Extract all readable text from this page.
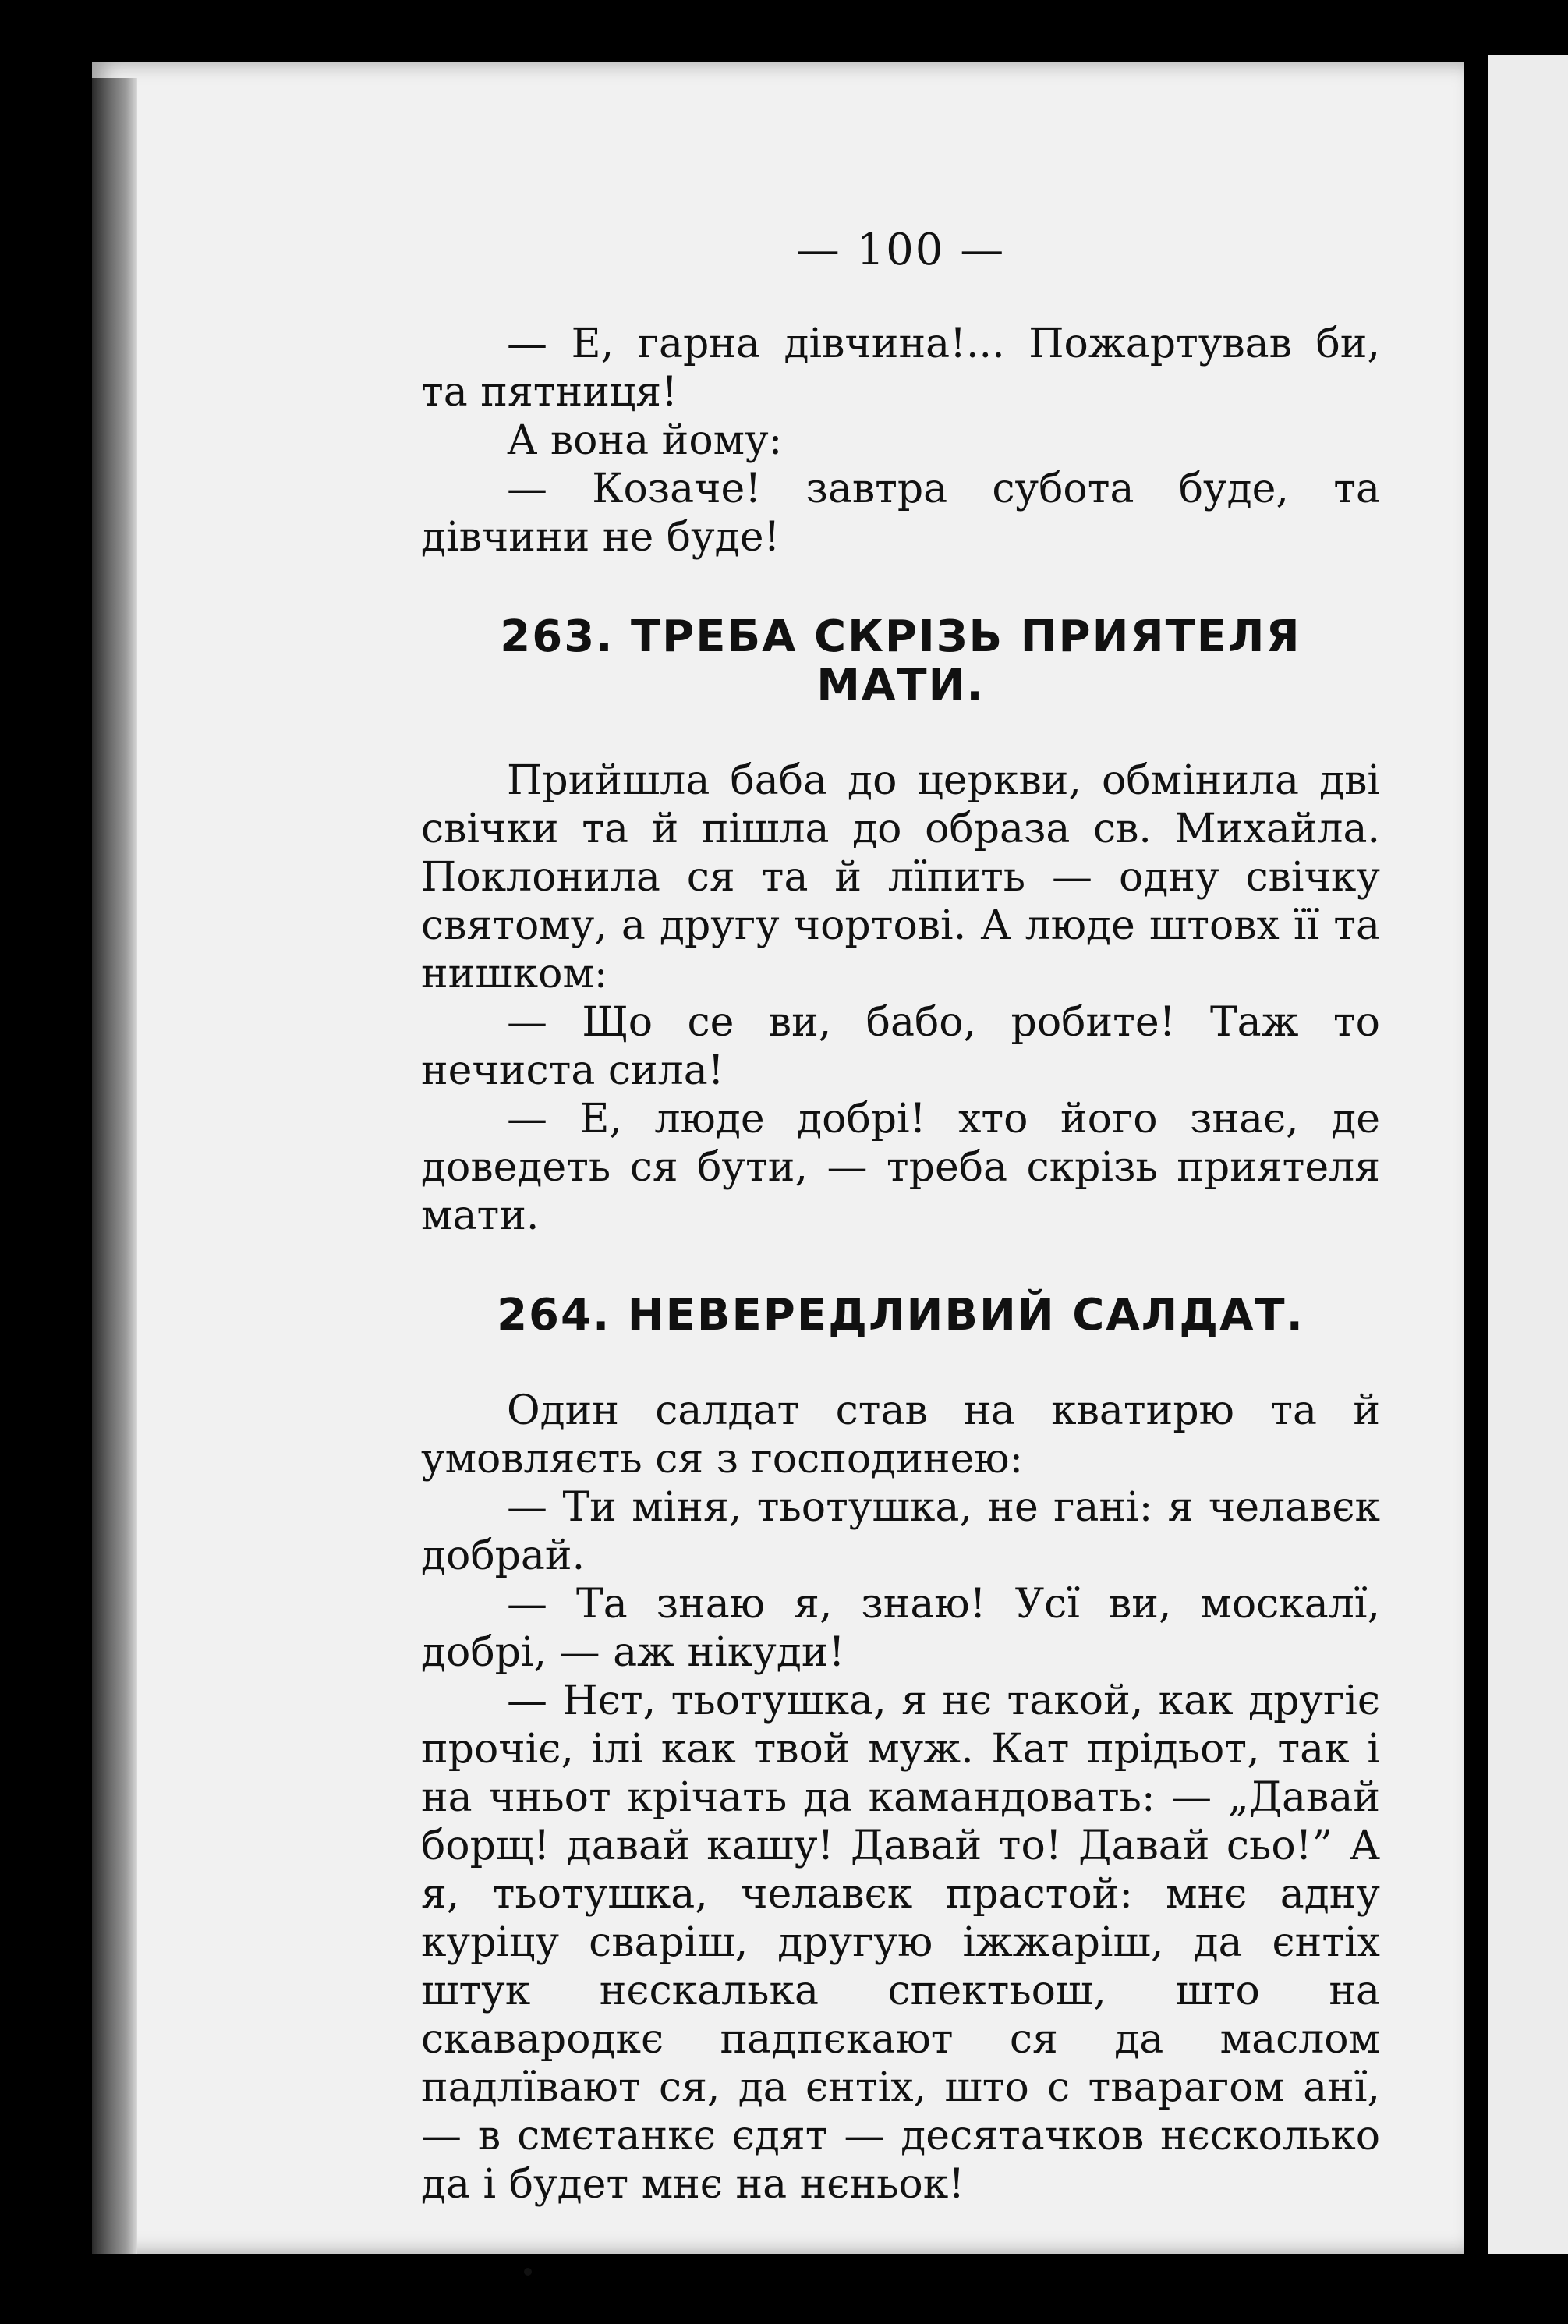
— 100 —

— Е, гарна дівчина!... Пожартував би, та пятниця!

А вона йому:

— Козаче! завтра субота буде, та дівчини не буде!

263. ТРЕБА СКРІЗЬ ПРИЯТЕЛЯ МАТИ.

Прийшла баба до церкви, обмінила дві свічки та й пішла до образа св. Михайла. Поклонила ся та й лїпить — одну свічку святому, а другу чортові. А люде штовх її та нишком:

— Що се ви, бабо, робите! Таж то нечиста сила!

— Е, люде добрі! хто його знає, де доведеть ся бути, — треба скрізь приятеля мати.

264. НЕВЕРЕДЛИВИЙ САЛДАТ.

Один салдат став на кватирю та й умовляєть ся з господинею:

— Ти міня, тьотушка, не гані: я челавєк добрай.

— Та знаю я, знаю! Усї ви, москалї, добрі, — аж нікуди!

— Нєт, тьотушка, я нє такой, как другіє прочіє, ілі как твой муж. Кат прідьот, так і на чньот крічать да камандовать: — „Давай борщ! давай кашу! Давай то! Давай сьо!” А я, тьотушка, челавєк прастой: мнє адну куріцу сваріш, другую іжжаріш, да єнтіх штук нєскалька спектьош, што на скавародкє падпєкают ся да маслом падлївают ся, да єнтіх, што с тварагом анї, — в смєтанкє єдят — десятачков нєсколько да і будет мнє на нєньок!
